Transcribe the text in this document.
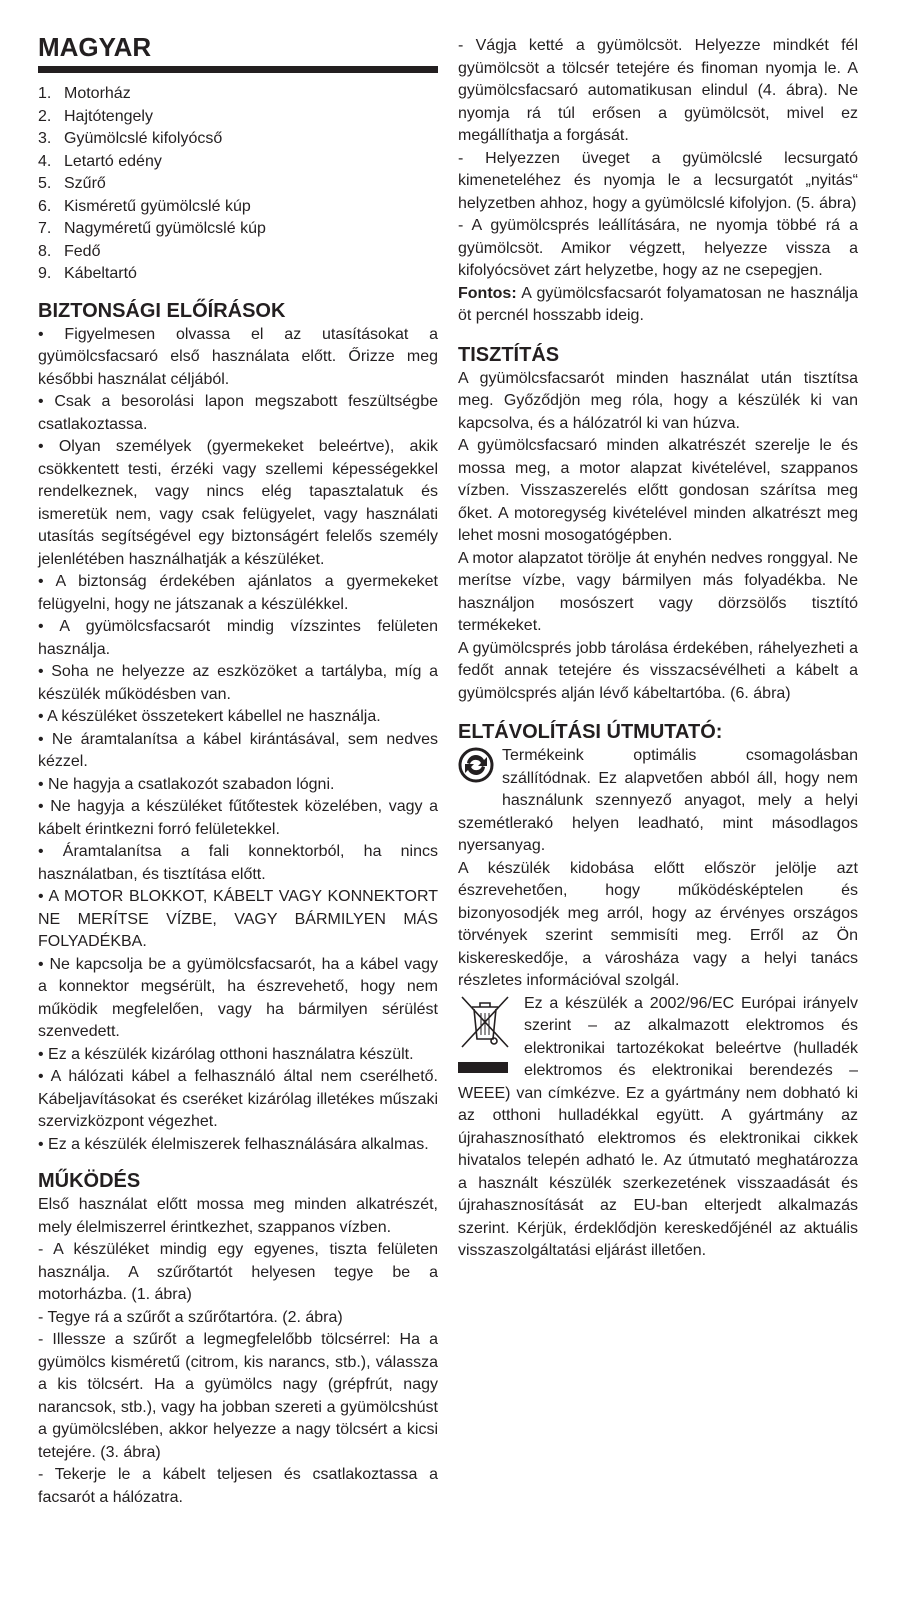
MAGYAR
1. Motorház
2. Hajtótengely
3. Gyümölcslé kifolyócső
4. Letartó edény
5. Szűrő
6. Kisméretű gyümölcslé kúp
7. Nagyméretű gyümölcslé kúp
8. Fedő
9. Kábeltartó
BIZTONSÁGI ELŐÍRÁSOK

• Figyelmesen olvassa el az utasításokat a gyümölcsfacsaró első használata előtt. Őrizze meg későbbi használat céljából.

• Csak a besorolási lapon megszabott feszültségbe csatlakoztassa.

• Olyan személyek (gyermekeket beleértve), akik csökkentett testi, érzéki vagy szellemi képességekkel rendelkeznek, vagy nincs elég tapasztalatuk és ismeretük nem, vagy csak felügyelet, vagy használati utasítás segítségével egy biztonságért felelős személy jelenlétében használhatják a készüléket.

• A biztonság érdekében ajánlatos a gyermekeket felügyelni, hogy ne játszanak a készülékkel.

• A gyümölcsfacsarót mindig vízszintes felületen használja.

• Soha ne helyezze az eszközöket a tartályba, míg a készülék működésben van.

• A készüléket összetekert kábellel ne használja.

• Ne áramtalanítsa a kábel kirántásával, sem nedves kézzel.

• Ne hagyja a csatlakozót szabadon lógni.

• Ne hagyja a készüléket fűtőtestek közelében, vagy a kábelt érintkezni forró felületekkel.

• Áramtalanítsa a fali konnektorból, ha nincs használatban, és tisztítása előtt.

• A MOTOR BLOKKOT, KÁBELT VAGY KONNEKTORT NE MERÍTSE VÍZBE, VAGY BÁRMILYEN MÁS FOLYADÉKBA.

• Ne kapcsolja be a gyümölcsfacsarót, ha a kábel vagy a konnektor megsérült, ha észrevehető, hogy nem működik megfelelően, vagy ha bármilyen sérülést szenvedett.

• Ez a készülék kizárólag otthoni használatra készült.

• A hálózati kábel a felhasználó által nem cserélhető. Kábeljavításokat és cseréket kizárólag illetékes műszaki szervizközpont végezhet.

• Ez a készülék élelmiszerek felhasználására alkalmas.

MŰKÖDÉS

Első használat előtt mossa meg minden alkatrészét, mely élelmiszerrel érintkezhet, szappanos vízben.

- A készüléket mindig egy egyenes, tiszta felületen használja. A szűrőtartót helyesen tegye be a motorházba. (1. ábra)

- Tegye rá a szűrőt a szűrőtartóra. (2. ábra)

- Illessze a szűrőt a legmegfelelőbb tölcsérrel: Ha a gyümölcs kisméretű (citrom, kis narancs, stb.), válassza a kis tölcsért. Ha a gyümölcs nagy (grépfrút, nagy narancsok, stb.), vagy ha jobban szereti a gyümölcshúst a gyümölcslében, akkor helyezze a nagy tölcsért a kicsi tetejére. (3. ábra)

- Tekerje le a kábelt teljesen és csatlakoztassa a facsarót a hálózatra.

- Vágja ketté a gyümölcsöt. Helyezze mindkét fél gyümölcsöt a tölcsér tetejére és finoman nyomja le. A gyümölcsfacsaró automatikusan elindul (4. ábra). Ne nyomja rá túl erősen a gyümölcsöt, mivel ez megállíthatja a forgását.

- Helyezzen üveget a gyümölcslé lecsurgató kimeneteléhez és nyomja le a lecsurgatót „nyitás“ helyzetben ahhoz, hogy a gyümölcslé kifolyjon. (5. ábra)

- A gyümölcsprés leállítására, ne nyomja többé rá a gyümölcsöt. Amikor végzett, helyezze vissza a kifolyócsövet zárt helyzetbe, hogy az ne csepegjen.

Fontos: A gyümölcsfacsarót folyamatosan ne használja öt percnél hosszabb ideig.

TISZTÍTÁS

A gyümölcsfacsarót minden használat után tisztítsa meg. Győződjön meg róla, hogy a készülék ki van kapcsolva, és a hálózatról ki van húzva.

A gyümölcsfacsaró minden alkatrészét szerelje le és mossa meg, a motor alapzat kivételével, szappanos vízben. Visszaszerelés előtt gondosan szárítsa meg őket. A motoregység kivételével minden alkatrészt meg lehet mosni mosogatógépben.

A motor alapzatot törölje át enyhén nedves ronggyal. Ne merítse vízbe, vagy bármilyen más folyadékba. Ne használjon mosószert vagy dörzsölős tisztító termékeket.

A gyümölcsprés jobb tárolása érdekében, ráhelyezheti a fedőt annak tetejére és visszacsévélheti a kábelt a gyümölcsprés alján lévő kábeltartóba. (6. ábra)

ELTÁVOLÍTÁSI ÚTMUTATÓ:

Termékeink optimális csomagolásban szállítódnak. Ez alapvetően abból áll, hogy nem használunk szennyező anyagot, mely a helyi szemétlerakó helyen leadható, mint másodlagos nyersanyag.

A készülék kidobása előtt először jelölje azt észrevehetően, hogy működésképtelen és bizonyosodjék meg arról, hogy az érvényes országos törvények szerint semmisíti meg. Erről az Ön kiskereskedője, a városháza vagy a helyi tanács részletes információval szolgál.

Ez a készülék a 2002/96/EC Európai irányelv szerint – az alkalmazott elektromos és elektronikai tartozékokat beleértve (hulladék elektromos és elektronikai berendezés – WEEE) van címkézve. Ez a gyártmány nem dobható ki az otthoni hulladékkal együtt. A gyártmány az újrahasznosítható elektromos és elektronikai cikkek hivatalos telepén adható le. Az útmutató meghatározza a használt készülék szerkezetének visszaadását és újrahasznosítását az EU-ban elterjedt alkalmazás szerint. Kérjük, érdeklődjön kereskedőjénél az aktuális visszaszolgáltatási eljárást illetően.
